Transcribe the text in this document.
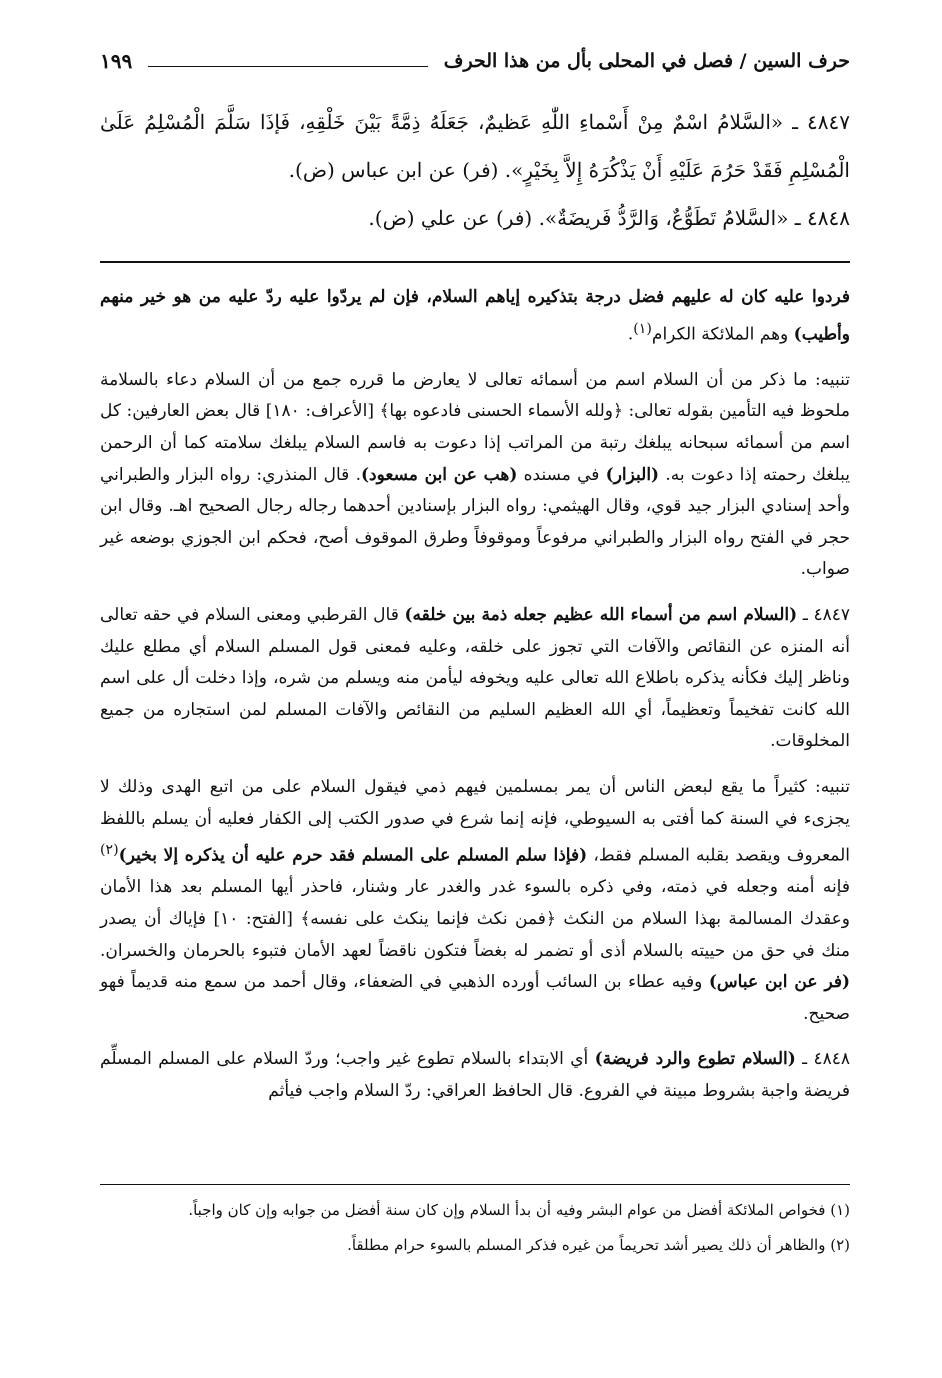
حرف السين / فصل في المحلى بأل من هذا الحرف
١٩٩

٤٨٤٧ ـ «السَّلامُ اسْمٌ مِنْ أَسْماءِ اللّٰهِ عَظيمٌ، جَعَلَهُ ذِمَّةً بَيْنَ خَلْقِهِ، فَإذَا سَلَّمَ الْمُسْلِمُ عَلَىٰ الْمُسْلِمِ فَقَدْ حَرُمَ عَلَيْهِ أَنْ يَذْكُرَهُ إِلاَّ بِخَيْرٍ». (فر) عن ابن عباس (ض).

٤٨٤٨ ـ «السَّلامُ تَطَوُّعٌ، وَالرَّدُّ فَريضَةٌ». (فر) عن علي (ض).

فردوا عليه كان له عليهم فضل درجة بتذكيره إياهم السلام، فإن لم يردّوا عليه ردّ عليه من هو خير منهم وأطيب) وهم الملائكة الكرام$^{(١)}$.

تنبيه: ما ذكر من أن السلام اسم من أسمائه تعالى لا يعارض ما قرره جمع من أن السلام دعاء بالسلامة ملحوظ فيه التأمين بقوله تعالى: ﴿ولله الأسماء الحسنى فادعوه بها﴾ [الأعراف: ١٨٠] قال بعض العارفين: كل اسم من أسمائه سبحانه يبلغك رتبة من المراتب إذا دعوت به فاسم السلام يبلغك سلامته كما أن الرحمن يبلغك رحمته إذا دعوت به. (البزار) في مسنده (هب عن ابن مسعود). قال المنذري: رواه البزار والطبراني وأحد إسنادي البزار جيد قوي، وقال الهيثمي: رواه البزار بإسنادين أحدهما رجاله رجال الصحيح اهـ. وقال ابن حجر في الفتح رواه البزار والطبراني مرفوعاً وموقوفاً وطرق الموقوف أصح، فحكم ابن الجوزي بوضعه غير صواب.

٤٨٤٧ ـ (السلام اسم من أسماء الله عظيم جعله ذمة بين خلقه) قال القرطبي ومعنى السلام في حقه تعالى أنه المنزه عن النقائص والآفات التي تجوز على خلقه، وعليه فمعنى قول المسلم السلام أي مطلع عليك وناظر إليك فكأنه يذكره باطلاع الله تعالى عليه ويخوفه ليأمن منه ويسلم من شره، وإذا دخلت أل على اسم الله كانت تفخيماً وتعظيماً، أي الله العظيم السليم من النقائص والآفات المسلم لمن استجاره من جميع المخلوقات.

تنبيه: كثيراً ما يقع لبعض الناس أن يمر بمسلمين فيهم ذمي فيقول السلام على من اتبع الهدى وذلك لا يجزىء في السنة كما أفتى به السيوطي، فإنه إنما شرع في صدور الكتب إلى الكفار فعليه أن يسلم باللفظ المعروف ويقصد بقلبه المسلم فقط، (فإذا سلم المسلم على المسلم فقد حرم عليه أن يذكره إلا بخير)$^{(٢)}$ فإنه أمنه وجعله في ذمته، وفي ذكره بالسوء غدر والغدر عار وشنار، فاحذر أيها المسلم بعد هذا الأمان وعقدك المسالمة بهذا السلام من النكث ﴿فمن نكث فإنما ينكث على نفسه﴾ [الفتح: ١٠] فإياك أن يصدر منك في حق من حييته بالسلام أذى أو تضمر له بغضاً فتكون ناقضاً لعهد الأمان فتبوء بالحرمان والخسران. (فر عن ابن عباس) وفيه عطاء بن السائب أورده الذهبي في الضعفاء، وقال أحمد من سمع منه قديماً فهو صحيح.

٤٨٤٨ ـ (السلام تطوع والرد فريضة) أي الابتداء بالسلام تطوع غير واجب؛ وردّ السلام على المسلم المسلِّم فريضة واجبة بشروط مبينة في الفروع. قال الحافظ العراقي: ردّ السلام واجب فيأثم

(١) فخواص الملائكة أفضل من عوام البشر وفيه أن بدأ السلام وإن كان سنة أفضل من جوابه وإن كان واجباً.

(٢) والظاهر أن ذلك يصير أشد تحريماً من غيره فذكر المسلم بالسوء حرام مطلقاً.
